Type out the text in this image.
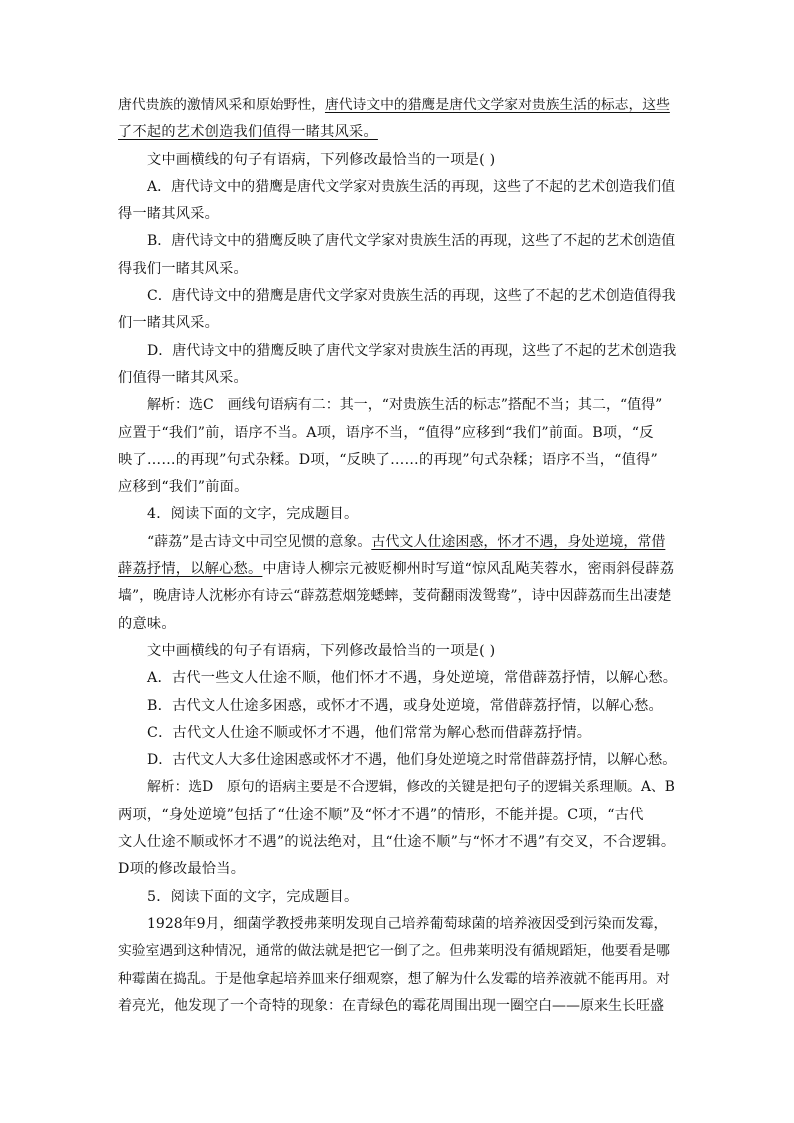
唐代贵族的激情风采和原始野性，唐代诗文中的猎鹰是唐代文学家对贵族生活的标志，这些
了不起的艺术创造我们值得一睹其风采。
文中画横线的句子有语病，下列修改最恰当的一项是( )
A．唐代诗文中的猎鹰是唐代文学家对贵族生活的再现，这些了不起的艺术创造我们值
得一睹其风采。
B．唐代诗文中的猎鹰反映了唐代文学家对贵族生活的再现，这些了不起的艺术创造值
得我们一睹其风采。
C．唐代诗文中的猎鹰是唐代文学家对贵族生活的再现，这些了不起的艺术创造值得我
们一睹其风采。
D．唐代诗文中的猎鹰反映了唐代文学家对贵族生活的再现，这些了不起的艺术创造我
们值得一睹其风采。
解析：选C　画线句语病有二：其一，“对贵族生活的标志”搭配不当；其二，“值得”
应置于“我们”前，语序不当。A项，语序不当，“值得”应移到“我们”前面。B项，“反
映了……的再现”句式杂糅。D项，“反映了……的再现”句式杂糅；语序不当，“值得”
应移到“我们”前面。
4．阅读下面的文字，完成题目。
“薜荔”是古诗文中司空见惯的意象。古代文人仕途困惑，怀才不遇，身处逆境，常借
薜荔抒情，以解心愁。中唐诗人柳宗元被贬柳州时写道“惊风乱飐芙蓉水，密雨斜侵薜荔
墙”，晚唐诗人沈彬亦有诗云“薜荔惹烟笼蟋蟀，芰荷翻雨泼鸳鸯”，诗中因薜荔而生出凄楚
的意味。
文中画横线的句子有语病，下列修改最恰当的一项是( )
A．古代一些文人仕途不顺，他们怀才不遇，身处逆境，常借薜荔抒情，以解心愁。
B．古代文人仕途多困惑，或怀才不遇，或身处逆境，常借薜荔抒情，以解心愁。
C．古代文人仕途不顺或怀才不遇，他们常常为解心愁而借薜荔抒情。
D．古代文人大多仕途困惑或怀才不遇，他们身处逆境之时常借薜荔抒情，以解心愁。
解析：选D　原句的语病主要是不合逻辑，修改的关键是把句子的逻辑关系理顺。A、B
两项，“身处逆境”包括了“仕途不顺”及“怀才不遇”的情形，不能并提。C项，“古代
文人仕途不顺或怀才不遇”的说法绝对，且“仕途不顺”与“怀才不遇”有交叉，不合逻辑。
D项的修改最恰当。
5．阅读下面的文字，完成题目。
1928年9月，细菌学教授弗莱明发现自己培养葡萄球菌的培养液因受到污染而发霉，
实验室遇到这种情况，通常的做法就是把它一倒了之。但弗莱明没有循规蹈矩，他要看是哪
种霉菌在捣乱。于是他拿起培养皿来仔细观察，想了解为什么发霉的培养液就不能再用。对
着亮光，他发现了一个奇特的现象：在青绿色的霉花周围出现一圈空白——原来生长旺盛
